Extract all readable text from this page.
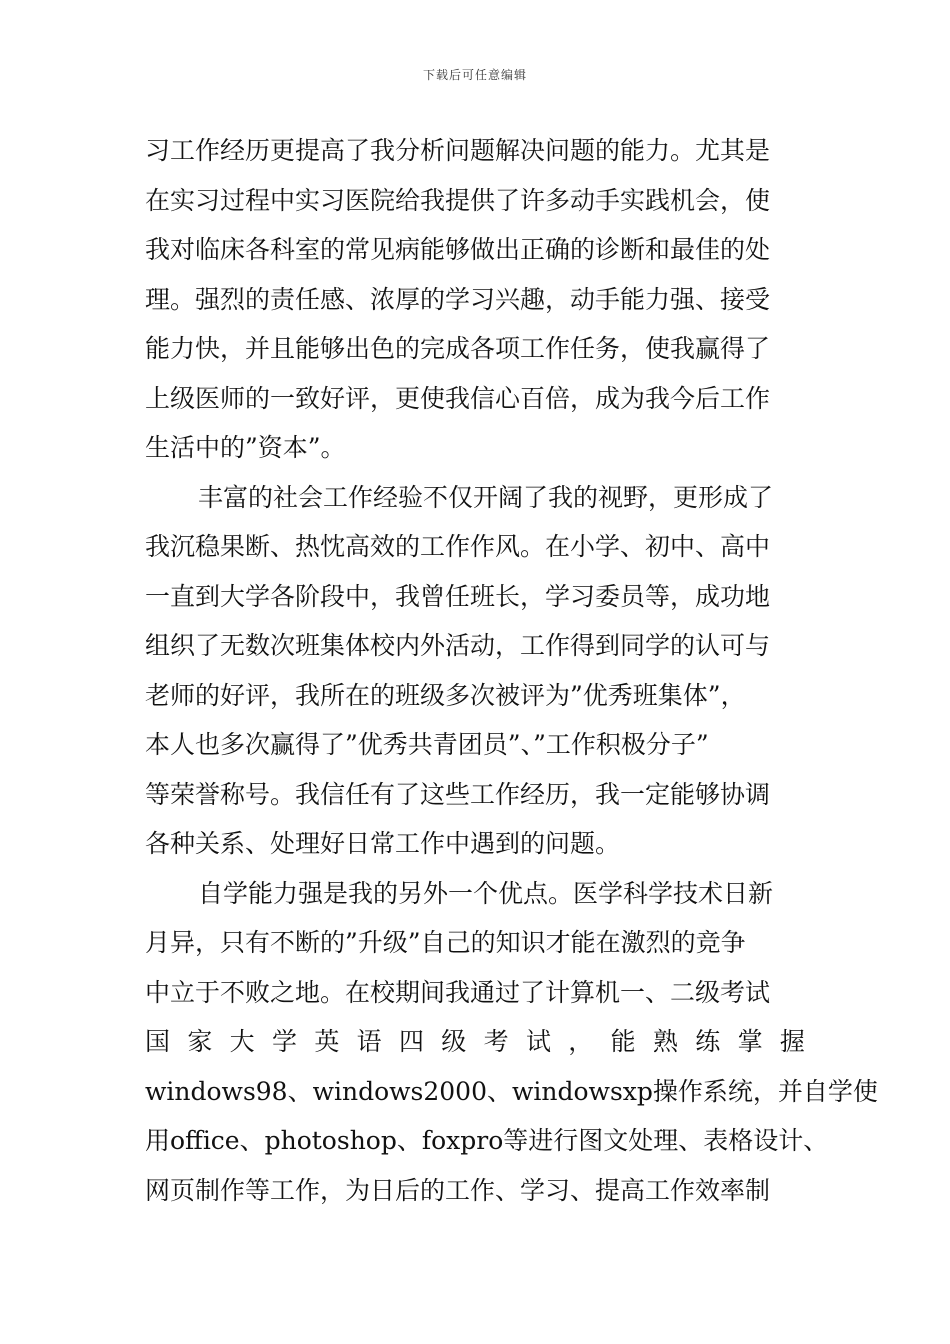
下载后可任意编辑
习工作经历更提高了我分析问题解决问题的能力。尤其是
在实习过程中实习医院给我提供了许多动手实践机会，使
我对临床各科室的常见病能够做出正确的诊断和最佳的处
理。强烈的责任感、浓厚的学习兴趣，动手能力强、接受
能力快，并且能够出色的完成各项工作任务，使我赢得了
上级医师的一致好评，更使我信心百倍，成为我今后工作
生活中的”资本”。
丰富的社会工作经验不仅开阔了我的视野，更形成了
我沉稳果断、热忱高效的工作作风。在小学、初中、高中
一直到大学各阶段中，我曾任班长，学习委员等，成功地
组织了无数次班集体校内外活动，工作得到同学的认可与
老师的好评，我所在的班级多次被评为”优秀班集体”，
本人也多次赢得了”优秀共青团员”、”工作积极分子”
等荣誉称号。我信任有了这些工作经历，我一定能够协调
各种关系、处理好日常工作中遇到的问题。
自学能力强是我的另外一个优点。医学科学技术日新
月异，只有不断的”升级”自己的知识才能在激烈的竞争
中立于不败之地。在校期间我通过了计算机一、二级考试
国 家 大 学 英 语 四 级 考 试 ， 能 熟 练 掌 握
windows98、windows2000、windowsxp操作系统，并自学使
用office、photoshop、foxpro等进行图文处理、表格设计、
网页制作等工作，为日后的工作、学习、提高工作效率制
